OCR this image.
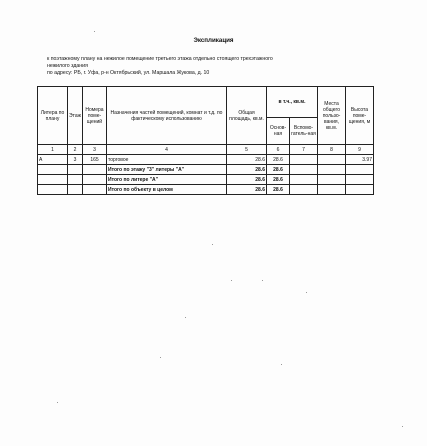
Экспликация
к поэтажному плану на нежилое помещение третьего этажа отдельно стоящего трехэтажного
нежилого здания
по адресу: РБ, г. Уфа, р-н Октябрьский, ул. Маршала Жукова, д. 10
Литера по плану	Этаж	Номера поме-щений	Назначения частей помещений, комнат и т.д. по фактическому использованию	Общая площадь, кв.м.	в т.ч., кв.м.		Места общего пользо-вания, кв.м.	Высота поме-щения, м
					Основ-ная	Вспомо-гатель-ная		
1	2	3	4	5	6	7	8	9
А	3	165	торговое	28.6	28.6			3.97
			Итого по этажу "3" литеры "А"	28.6	28.6			
			Итого по литере "А"	28.6	28.6			
			Итого по объекту в целом	28.6	28.6			
